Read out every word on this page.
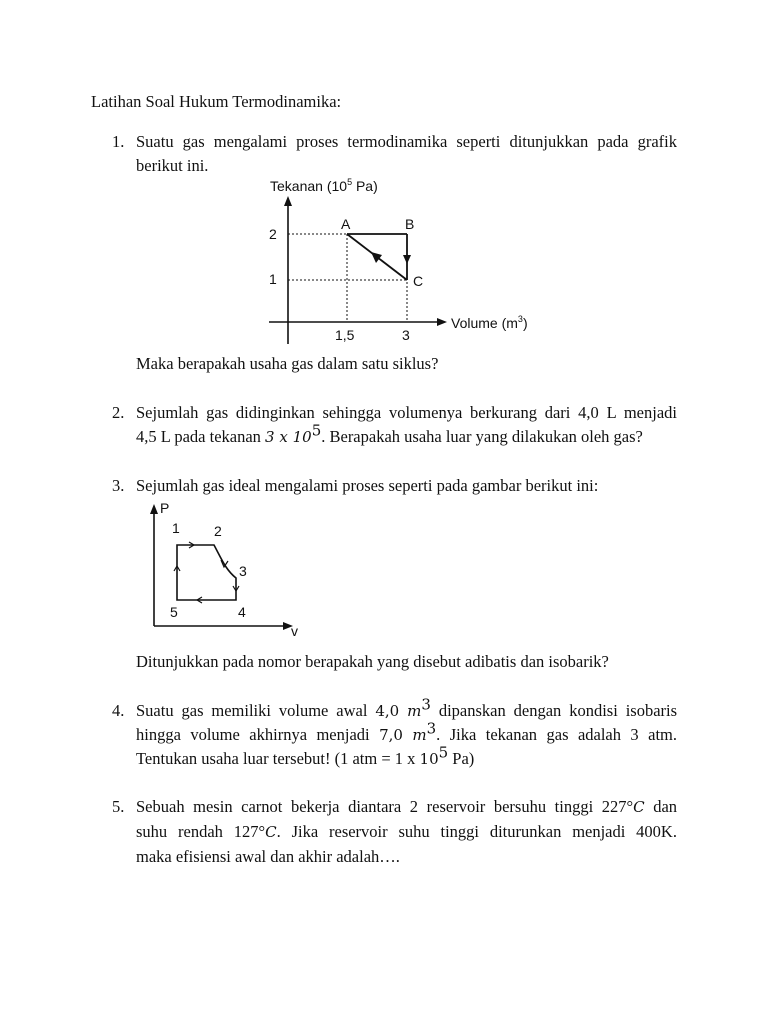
Latihan Soal Hukum Termodinamika:
1. Suatu gas mengalami proses termodinamika seperti ditunjukkan pada grafik
berikut ini.
Tekanan ($10^5$ Pa)
Volume $(m^3)$
2
1
1,5	3
A	B
C
Maka berapakah usaha gas dalam satu siklus?
2. Sejumlah gas didinginkan sehingga volumenya berkurang dari 4,0 L menjadi
4,5 L pada tekanan 3 x $10^5$. Berapakah usaha luar yang dilakukan oleh gas?
3. Sejumlah gas ideal mengalami proses seperti pada gambar berikut ini:
P
v
1 2
3
4
5
Ditunjukkan pada nomor berapakah yang disebut adibatis dan isobarik?
4. Suatu gas memiliki volume awal 4,0 $m^3$ dipanskan dengan kondisi isobaris
hingga volume akhirnya menjadi 7,0 $m^3$. Jika tekanan gas adalah 3 atm.
Tentukan usaha luar tersebut! (1 atm = 1 x $10^5$ Pa)
5. Sebuah mesin carnot bekerja diantara 2 reservoir bersuhu tinggi 227°C dan
suhu rendah 127°C. Jika reservoir suhu tinggi diturunkan menjadi 400K.
maka efisiensi awal dan akhir adalah….
